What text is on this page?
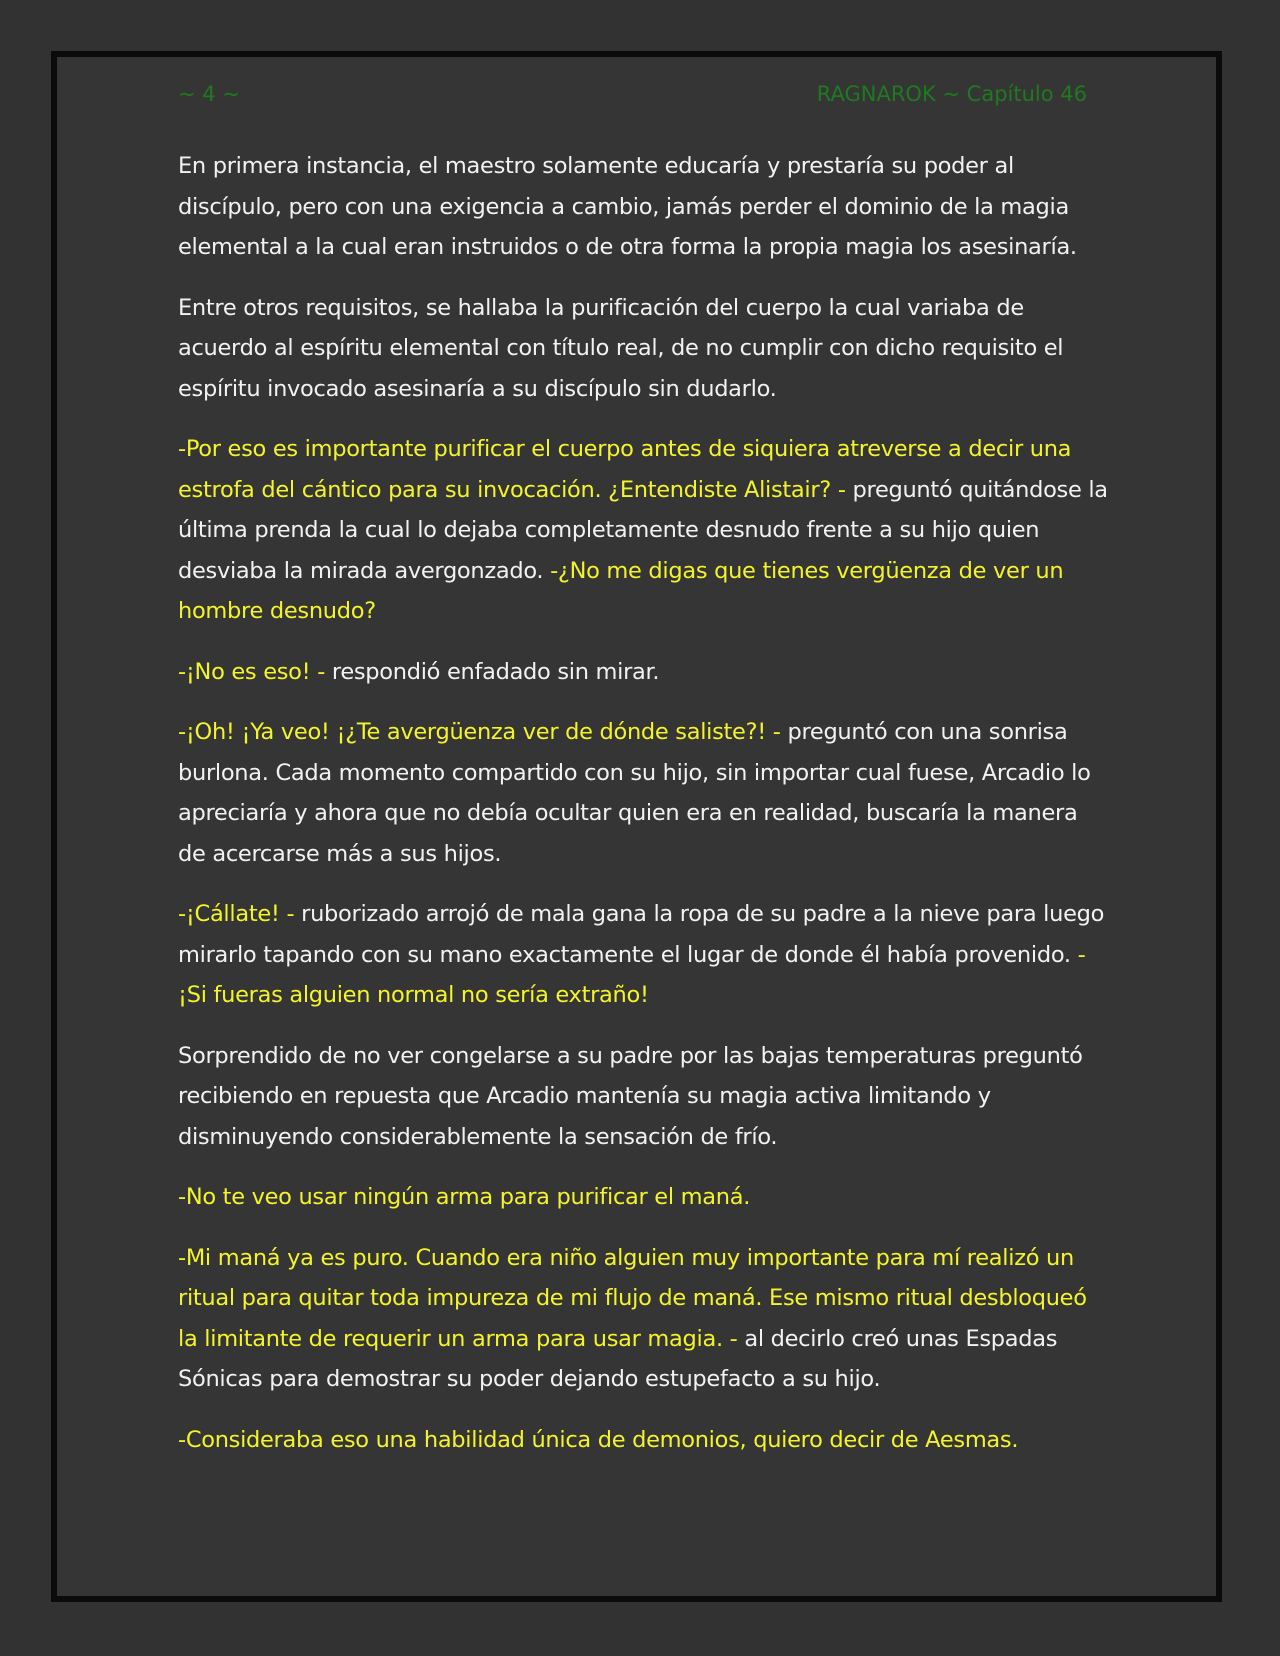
~ 4 ~	RAGNAROK ~ Capítulo 46

En primera instancia, el maestro solamente educaría y prestaría su poder al discípulo, pero con una exigencia a cambio, jamás perder el dominio de la magia elemental a la cual eran instruidos o de otra forma la propia magia los asesinaría.

Entre otros requisitos, se hallaba la purificación del cuerpo la cual variaba de acuerdo al espíritu elemental con título real, de no cumplir con dicho requisito el espíritu invocado asesinaría a su discípulo sin dudarlo.

-Por eso es importante purificar el cuerpo antes de siquiera atreverse a decir una estrofa del cántico para su invocación. ¿Entendiste Alistair? - preguntó quitándose la última prenda la cual lo dejaba completamente desnudo frente a su hijo quien desviaba la mirada avergonzado. -¿No me digas que tienes vergüenza de ver un hombre desnudo?

-¡No es eso! - respondió enfadado sin mirar.

-¡Oh! ¡Ya veo! ¡¿Te avergüenza ver de dónde saliste?! - preguntó con una sonrisa burlona. Cada momento compartido con su hijo, sin importar cual fuese, Arcadio lo apreciaría y ahora que no debía ocultar quien era en realidad, buscaría la manera de acercarse más a sus hijos.

-¡Cállate! - ruborizado arrojó de mala gana la ropa de su padre a la nieve para luego mirarlo tapando con su mano exactamente el lugar de donde él había provenido. -¡Si fueras alguien normal no sería extraño!

Sorprendido de no ver congelarse a su padre por las bajas temperaturas preguntó recibiendo en repuesta que Arcadio mantenía su magia activa limitando y disminuyendo considerablemente la sensación de frío.

-No te veo usar ningún arma para purificar el maná.

-Mi maná ya es puro. Cuando era niño alguien muy importante para mí realizó un ritual para quitar toda impureza de mi flujo de maná. Ese mismo ritual desbloqueó la limitante de requerir un arma para usar magia. - al decirlo creó unas Espadas Sónicas para demostrar su poder dejando estupefacto a su hijo.

-Consideraba eso una habilidad única de demonios, quiero decir de Aesmas.
